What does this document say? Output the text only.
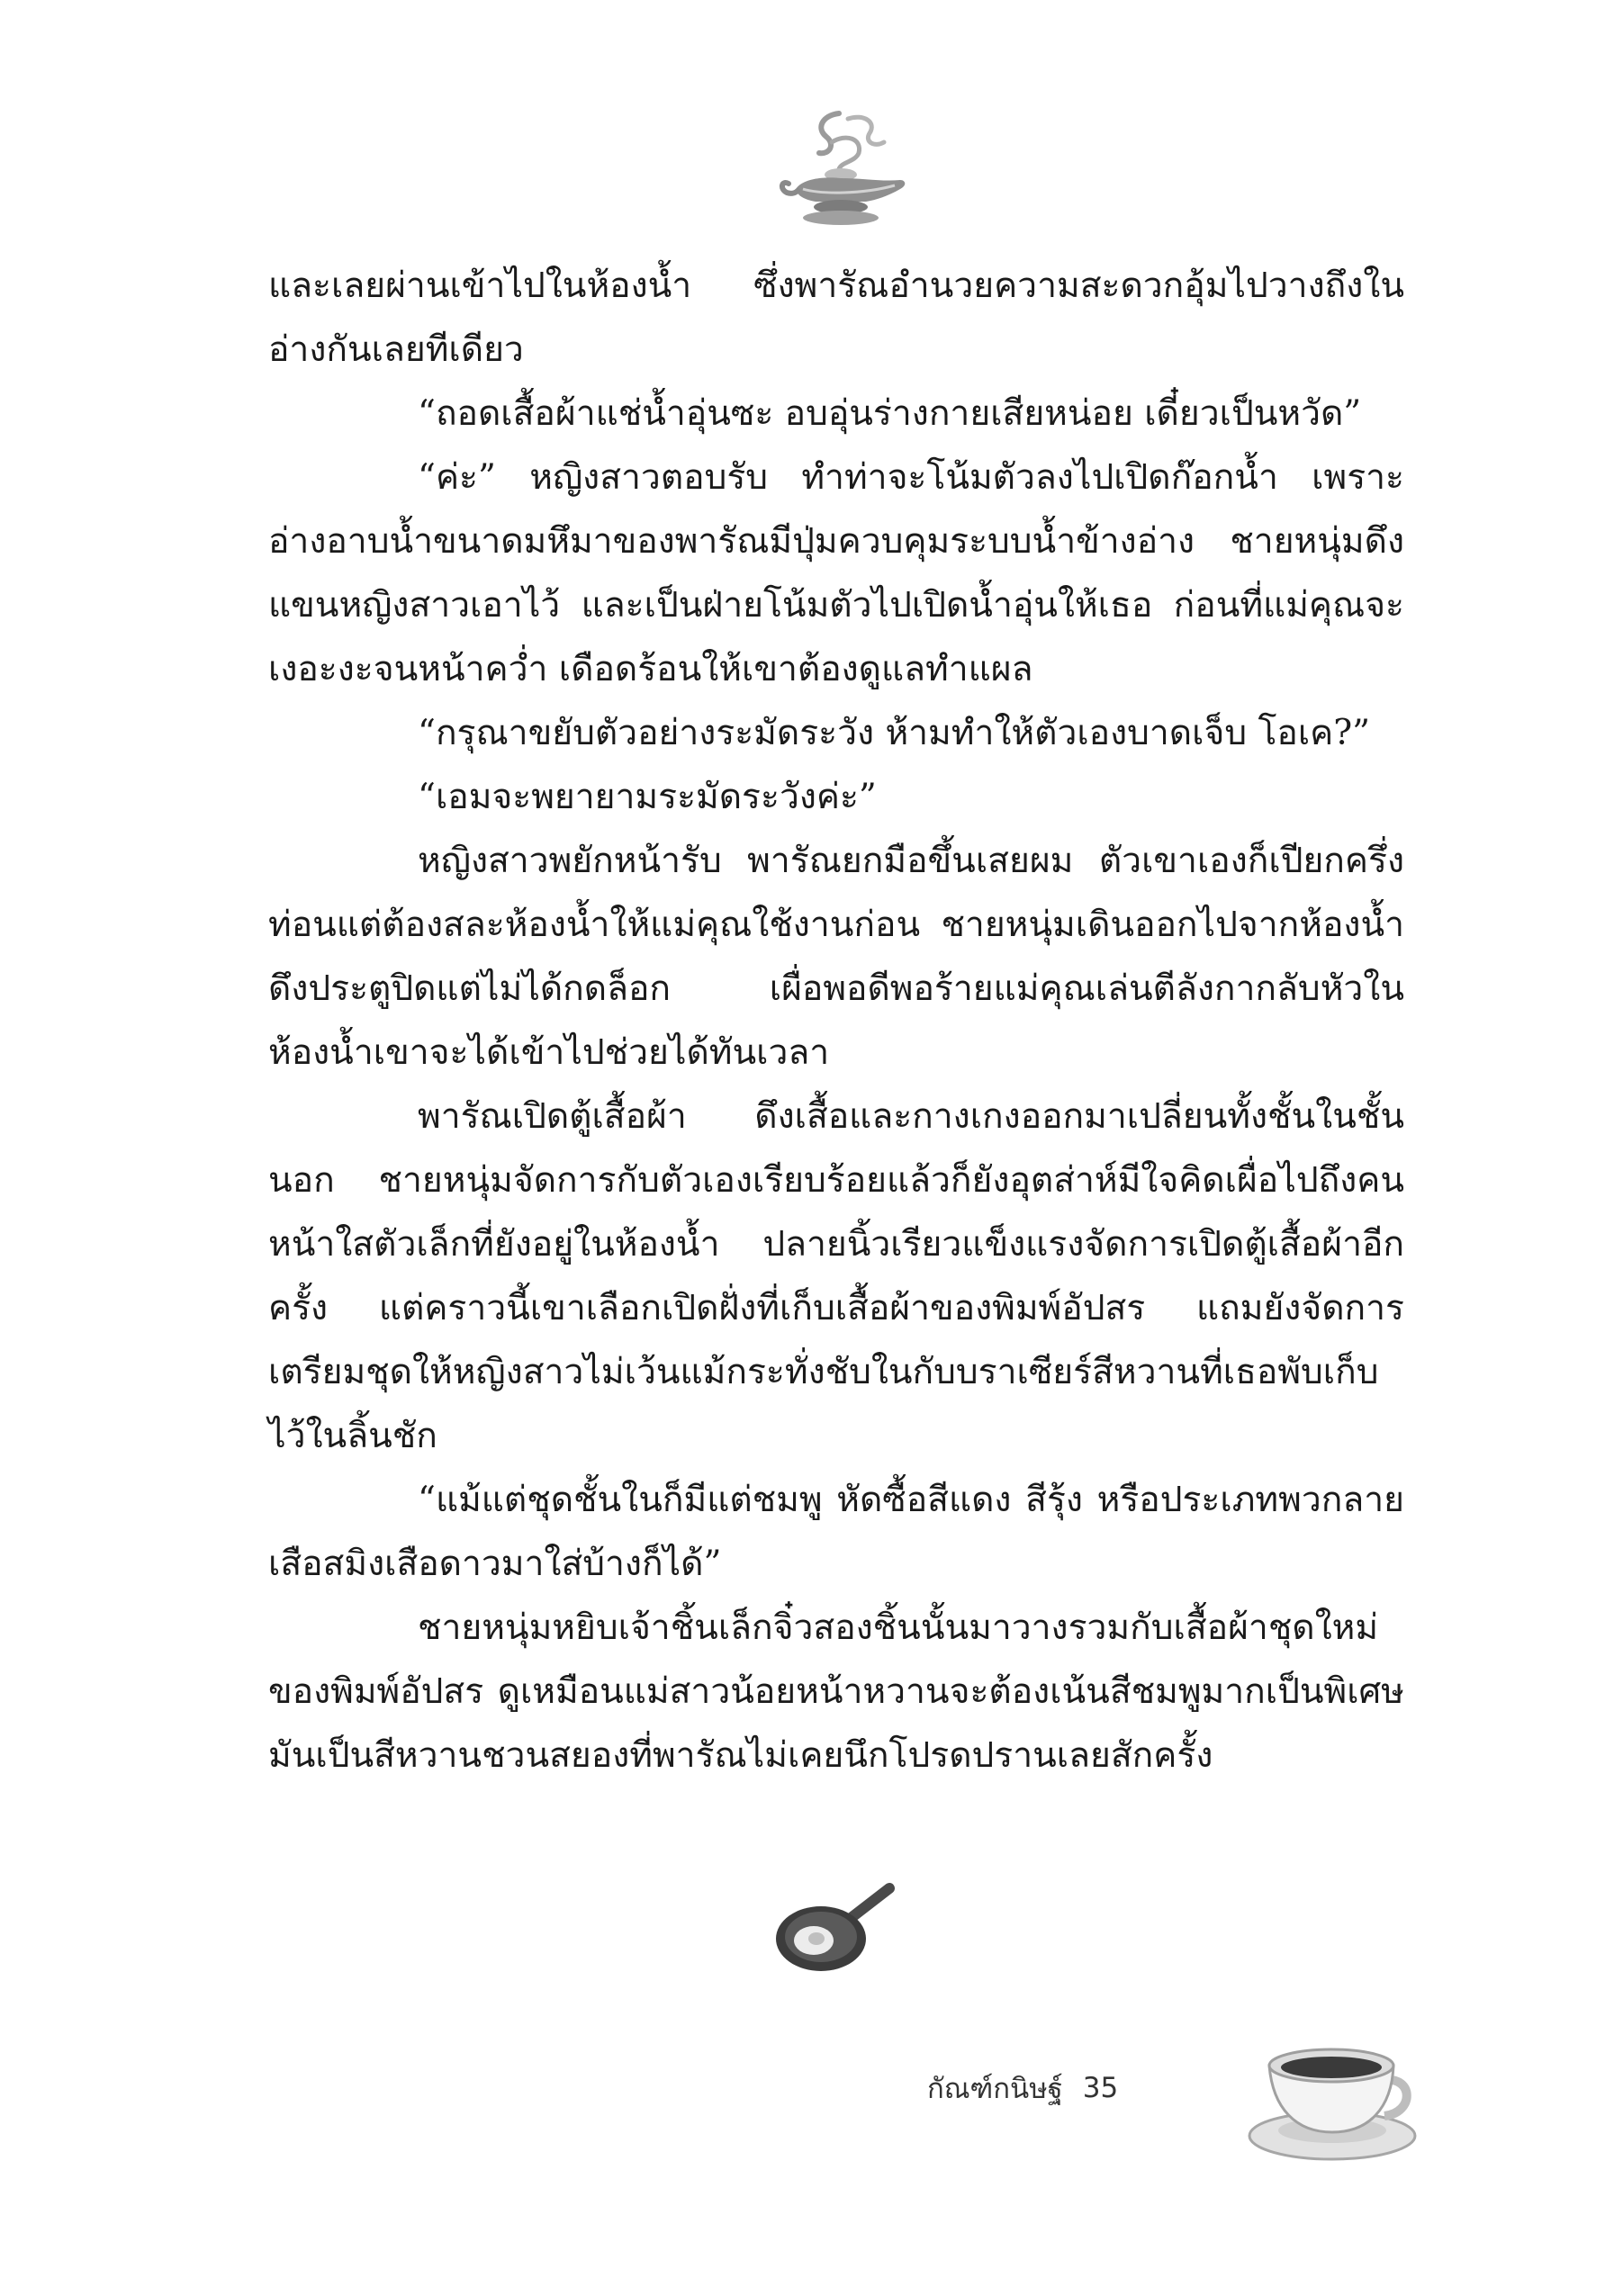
และเลยผ่านเข้าไปในห้องน้ำ ซึ่งพารัณอำนวยความสะดวกอุ้มไปวางถึงในอ่างกันเลยทีเดียว

“ถอดเสื้อผ้าแช่น้ำอุ่นซะ อบอุ่นร่างกายเสียหน่อย เดี๋ยวเป็นหวัด”

“ค่ะ” หญิงสาวตอบรับ ทำท่าจะโน้มตัวลงไปเปิดก๊อกน้ำ เพราะอ่างอาบน้ำขนาดมหึมาของพารัณมีปุ่มควบคุมระบบน้ำข้างอ่าง ชายหนุ่มดึงแขนหญิงสาวเอาไว้ และเป็นฝ่ายโน้มตัวไปเปิดน้ำอุ่นให้เธอ ก่อนที่แม่คุณจะเงอะงะจนหน้าคว่ำ เดือดร้อนให้เขาต้องดูแลทำแผล

“กรุณาขยับตัวอย่างระมัดระวัง ห้ามทำให้ตัวเองบาดเจ็บ โอเค?”

“เอมจะพยายามระมัดระวังค่ะ”

หญิงสาวพยักหน้ารับ พารัณยกมือขึ้นเสยผม ตัวเขาเองก็เปียกครึ่งท่อนแต่ต้องสละห้องน้ำให้แม่คุณใช้งานก่อน ชายหนุ่มเดินออกไปจากห้องน้ำ ดึงประตูปิดแต่ไม่ได้กดล็อก เผื่อพอดีพอร้ายแม่คุณเล่นตีลังกากลับหัวในห้องน้ำเขาจะได้เข้าไปช่วยได้ทันเวลา

พารัณเปิดตู้เสื้อผ้า ดึงเสื้อและกางเกงออกมาเปลี่ยนทั้งชั้นในชั้นนอก ชายหนุ่มจัดการกับตัวเองเรียบร้อยแล้วก็ยังอุตส่าห์มีใจคิดเผื่อไปถึงคนหน้าใสตัวเล็กที่ยังอยู่ในห้องน้ำ ปลายนิ้วเรียวแข็งแรงจัดการเปิดตู้เสื้อผ้าอีกครั้ง แต่คราวนี้เขาเลือกเปิดฝั่งที่เก็บเสื้อผ้าของพิมพ์อัปสร แถมยังจัดการเตรียมชุดให้หญิงสาวไม่เว้นแม้กระทั่งชับในกับบราเซียร์สีหวานที่เธอพับเก็บไว้ในลิ้นชัก

“แม้แต่ชุดชั้นในก็มีแต่ชมพู หัดซื้อสีแดง สีรุ้ง หรือประเภทพวกลายเสือสมิงเสือดาวมาใส่บ้างก็ได้”

ชายหนุ่มหยิบเจ้าชิ้นเล็กจิ๋วสองชิ้นนั้นมาวางรวมกับเสื้อผ้าชุดใหม่ของพิมพ์อัปสร ดูเหมือนแม่สาวน้อยหน้าหวานจะต้องเน้นสีชมพูมากเป็นพิเศษ มันเป็นสีหวานชวนสยองที่พารัณไม่เคยนึกโปรดปรานเลยสักครั้ง

กัณฑ์กนิษฐ์ 35
